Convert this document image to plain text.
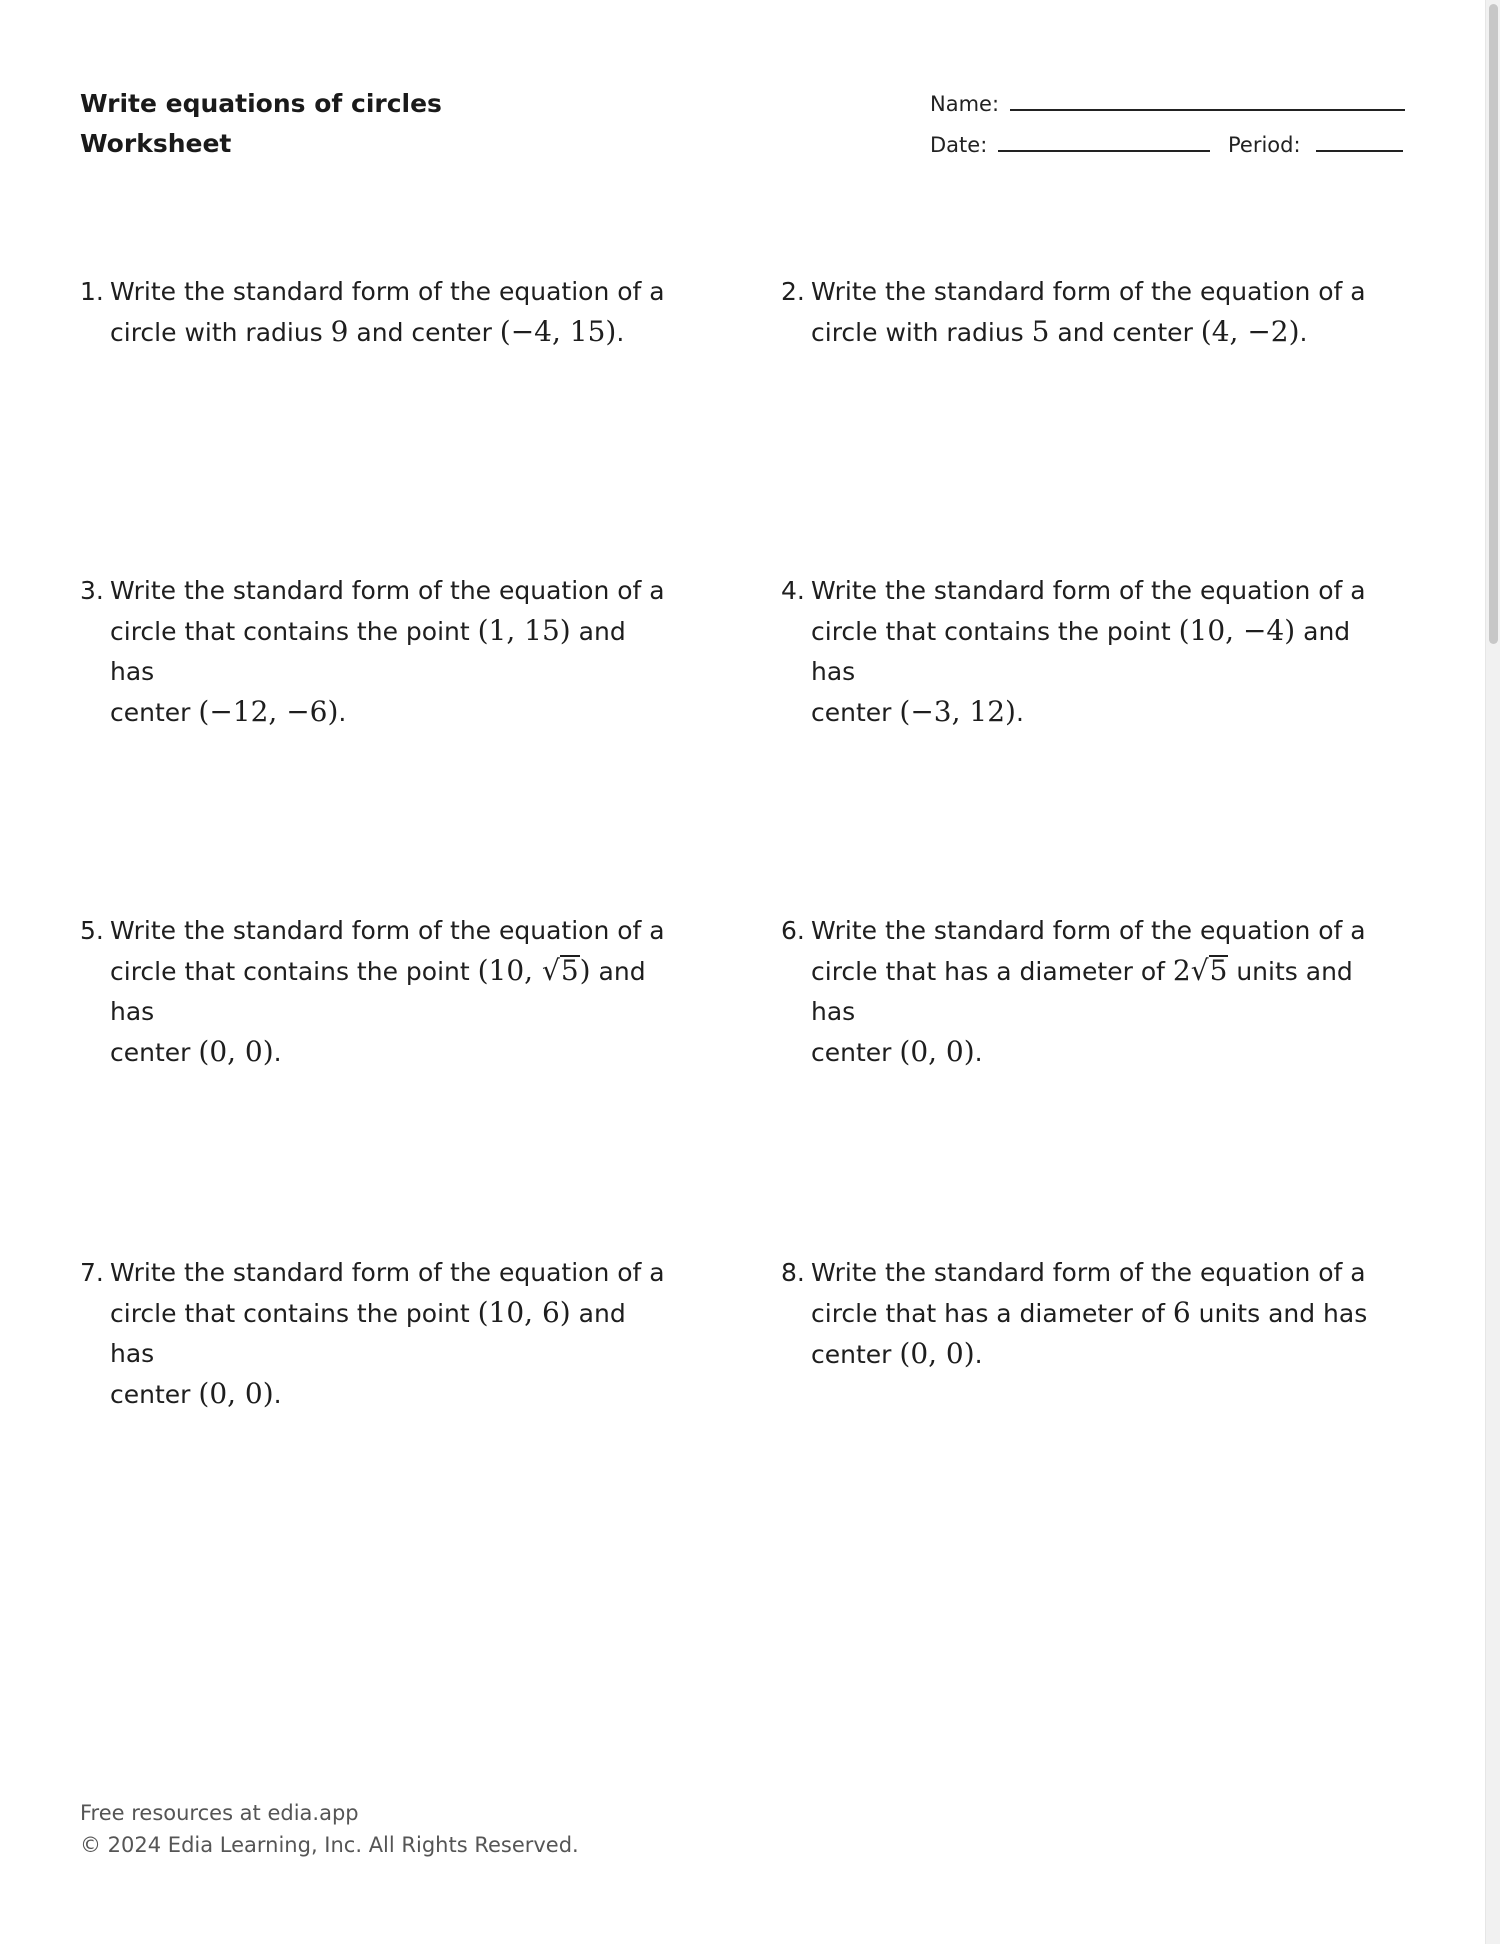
Write equations of circles
Worksheet
Name:
Date:	Period:
1. Write the standard form of the equation of a
circle with radius 9 and center (−4, 15).
2. Write the standard form of the equation of a
circle with radius 5 and center (4, −2).
3. Write the standard form of the equation of a
circle that contains the point (1, 15) and has
center (−12, −6).
4. Write the standard form of the equation of a
circle that contains the point (10, −4) and has
center (−3, 12).
5. Write the standard form of the equation of a
circle that contains the point (10, √5) and has
center (0, 0).
6. Write the standard form of the equation of a
circle that has a diameter of 2√5 units and has
center (0, 0).
7. Write the standard form of the equation of a
circle that contains the point (10, 6) and has
center (0, 0).
8. Write the standard form of the equation of a
circle that has a diameter of 6 units and has
center (0, 0).
Free resources at edia.app
© 2024 Edia Learning, Inc. All Rights Reserved.
